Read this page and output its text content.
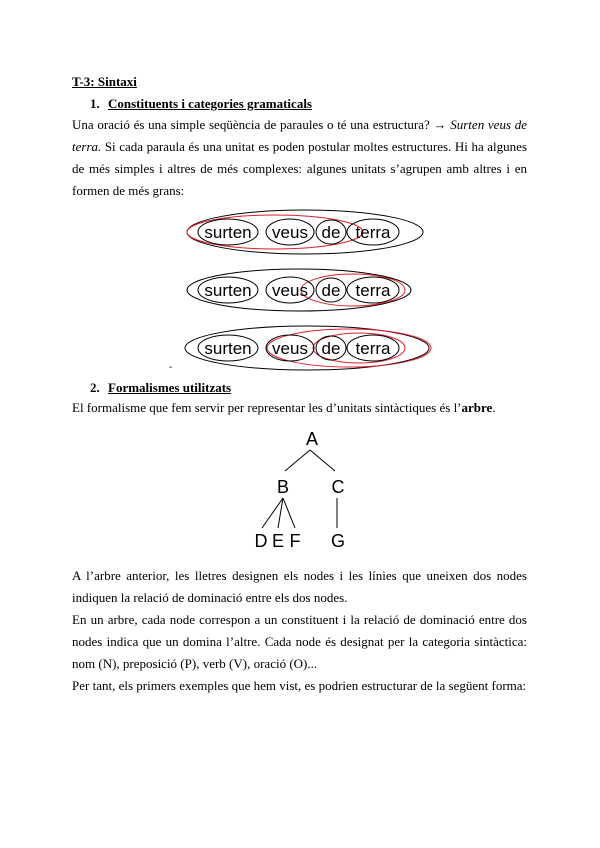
T-3: Sintaxi
1. Constituents i categories gramaticals
Una oració és una simple seqüència de paraules o té una estructura? → Surten veus de terra. Si cada paraula és una unitat es poden postular moltes estructures. Hi ha algunes de més simples i altres de més complexes: algunes unitats s’agrupen amb altres i en formen de més grans:
surten veus de terra
surten veus de terra
surten veus de terra
-
2. Formalismes utilitzats
El formalisme que fem servir per representar les d’unitats sintàctiques és l’arbre.
A
B C
D E F G
A l’arbre anterior, les lletres designen els nodes i les línies que uneixen dos nodes indiquen la relació de dominació entre els dos nodes.
En un arbre, cada node correspon a un constituent i la relació de dominació entre dos nodes indica que un domina l’altre. Cada node és designat per la categoria sintàctica: nom (N), preposició (P), verb (V), oració (O)...
Per tant, els primers exemples que hem vist, es podrien estructurar de la següent forma:
